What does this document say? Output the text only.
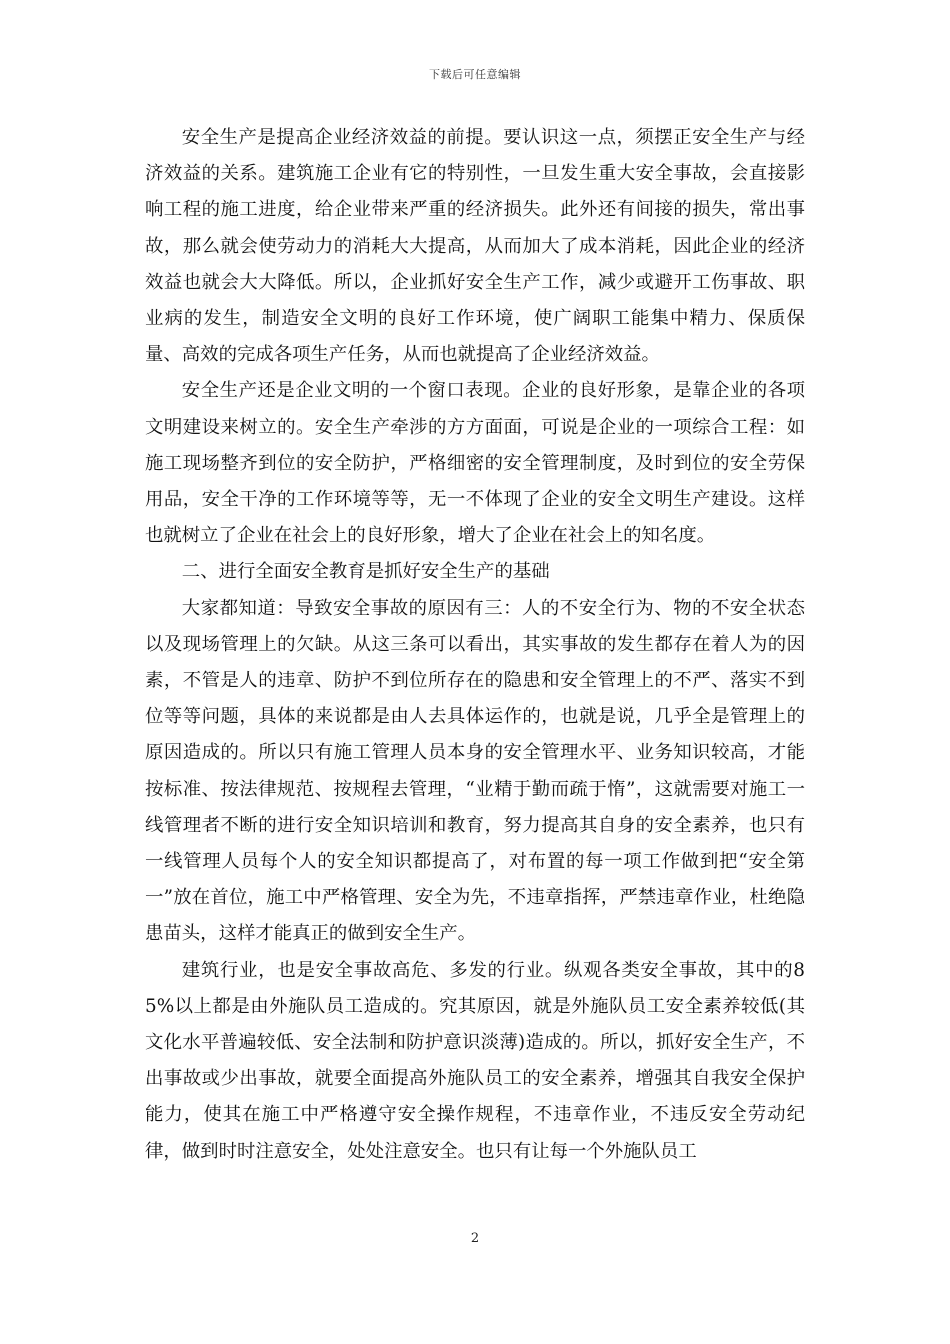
下载后可任意编辑

安全生产是提高企业经济效益的前提。要认识这一点，须摆正安全生产与经济效益的关系。建筑施工企业有它的特别性，一旦发生重大安全事故，会直接影响工程的施工进度，给企业带来严重的经济损失。此外还有间接的损失，常出事故，那么就会使劳动力的消耗大大提高，从而加大了成本消耗，因此企业的经济效益也就会大大降低。所以，企业抓好安全生产工作，减少或避开工伤事故、职业病的发生，制造安全文明的良好工作环境，使广阔职工能集中精力、保质保量、高效的完成各项生产任务，从而也就提高了企业经济效益。

安全生产还是企业文明的一个窗口表现。企业的良好形象，是靠企业的各项文明建设来树立的。安全生产牵涉的方方面面，可说是企业的一项综合工程：如施工现场整齐到位的安全防护，严格细密的安全管理制度，及时到位的安全劳保用品，安全干净的工作环境等等，无一不体现了企业的安全文明生产建设。这样也就树立了企业在社会上的良好形象，增大了企业在社会上的知名度。

二、进行全面安全教育是抓好安全生产的基础

大家都知道：导致安全事故的原因有三：人的不安全行为、物的不安全状态以及现场管理上的欠缺。从这三条可以看出，其实事故的发生都存在着人为的因素，不管是人的违章、防护不到位所存在的隐患和安全管理上的不严、落实不到位等等问题，具体的来说都是由人去具体运作的，也就是说，几乎全是管理上的原因造成的。所以只有施工管理人员本身的安全管理水平、业务知识较高，才能按标准、按法律规范、按规程去管理，“业精于勤而疏于惰”，这就需要对施工一线管理者不断的进行安全知识培训和教育，努力提高其自身的安全素养，也只有一线管理人员每个人的安全知识都提高了，对布置的每一项工作做到把“安全第一”放在首位，施工中严格管理、安全为先，不违章指挥，严禁违章作业，杜绝隐患苗头，这样才能真正的做到安全生产。

建筑行业，也是安全事故高危、多发的行业。纵观各类安全事故，其中的85%以上都是由外施队员工造成的。究其原因，就是外施队员工安全素养较低(其文化水平普遍较低、安全法制和防护意识淡薄)造成的。所以，抓好安全生产，不出事故或少出事故，就要全面提高外施队员工的安全素养，增强其自我安全保护能力，使其在施工中严格遵守安全操作规程，不违章作业，不违反安全劳动纪律，做到时时注意安全，处处注意安全。也只有让每一个外施队员工

2
